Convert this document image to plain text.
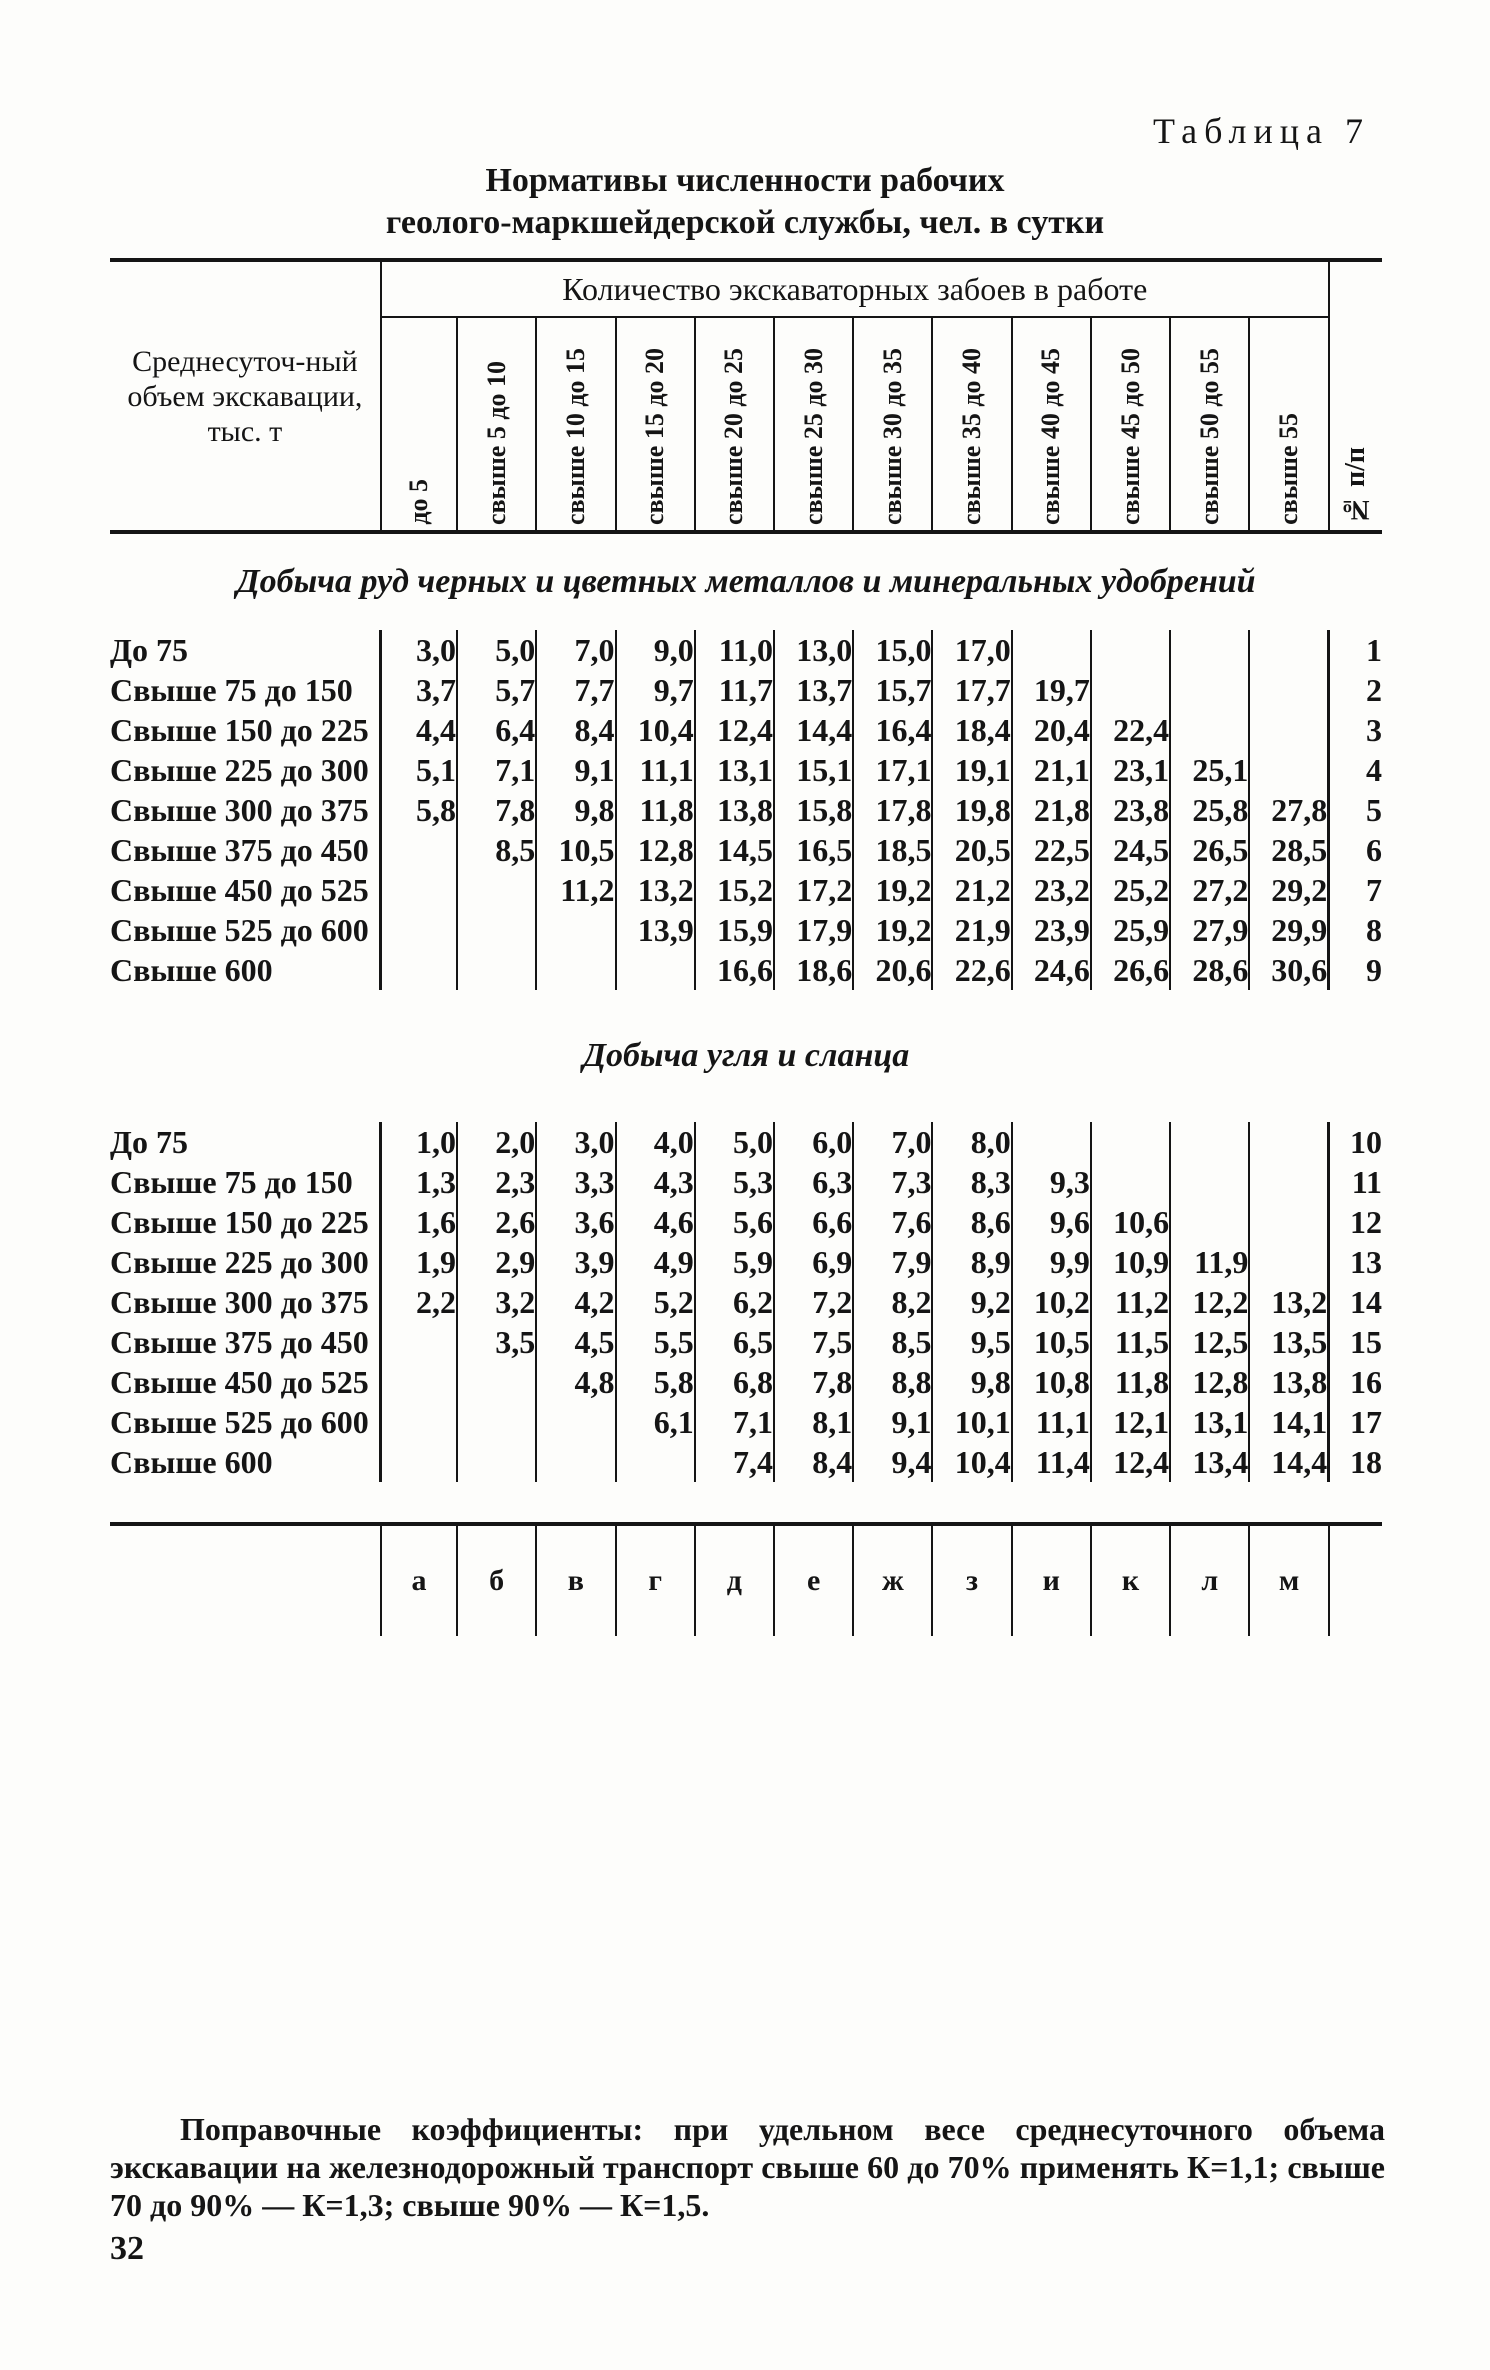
Таблица 7
Нормативы численности рабочих
геолого-маркшейдерской службы, чел. в сутки
Среднесуточ-ный объем экскавации, тыс. т	Количество экскаваторных забоев в работе												№ п/п
	до 5	свыше 5 до 10	свыше 10 до 15	свыше 15 до 20	свыше 20 до 25	свыше 25 до 30	свыше 30 до 35	свыше 35 до 40	свыше 40 до 45	свыше 45 до 50	свыше 50 до 55	свыше 55	
Добыча руд черных и цветных металлов и минеральных удобрений													
До 75	3,0	5,0	7,0	9,0	11,0	13,0	15,0	17,0					1
Свыше 75 до 150	3,7	5,7	7,7	9,7	11,7	13,7	15,7	17,7	19,7				2
Свыше 150 до 225	4,4	6,4	8,4	10,4	12,4	14,4	16,4	18,4	20,4	22,4			3
Свыше 225 до 300	5,1	7,1	9,1	11,1	13,1	15,1	17,1	19,1	21,1	23,1	25,1		4
Свыше 300 до 375	5,8	7,8	9,8	11,8	13,8	15,8	17,8	19,8	21,8	23,8	25,8	27,8	5
Свыше 375 до 450		8,5	10,5	12,8	14,5	16,5	18,5	20,5	22,5	24,5	26,5	28,5	6
Свыше 450 до 525			11,2	13,2	15,2	17,2	19,2	21,2	23,2	25,2	27,2	29,2	7
Свыше 525 до 600				13,9	15,9	17,9	19,2	21,9	23,9	25,9	27,9	29,9	8
Свыше 600					16,6	18,6	20,6	22,6	24,6	26,6	28,6	30,6	9
Добыча угля и сланца													
До 75	1,0	2,0	3,0	4,0	5,0	6,0	7,0	8,0					10
Свыше 75 до 150	1,3	2,3	3,3	4,3	5,3	6,3	7,3	8,3	9,3				11
Свыше 150 до 225	1,6	2,6	3,6	4,6	5,6	6,6	7,6	8,6	9,6	10,6			12
Свыше 225 до 300	1,9	2,9	3,9	4,9	5,9	6,9	7,9	8,9	9,9	10,9	11,9		13
Свыше 300 до 375	2,2	3,2	4,2	5,2	6,2	7,2	8,2	9,2	10,2	11,2	12,2	13,2	14
Свыше 375 до 450		3,5	4,5	5,5	6,5	7,5	8,5	9,5	10,5	11,5	12,5	13,5	15
Свыше 450 до 525			4,8	5,8	6,8	7,8	8,8	9,8	10,8	11,8	12,8	13,8	16
Свыше 525 до 600				6,1	7,1	8,1	9,1	10,1	11,1	12,1	13,1	14,1	17
Свыше 600					7,4	8,4	9,4	10,4	11,4	12,4	13,4	14,4	18

	а	б	в	г	д	е	ж	з	и	к	л	м	
Поправочные коэффициенты: при удельном весе среднесуточного объема экскавации на железнодорожный транспорт свыше 60 до 70% применять К=1,1; свыше 70 до 90% — К=1,3; свыше 90% — К=1,5.
32
